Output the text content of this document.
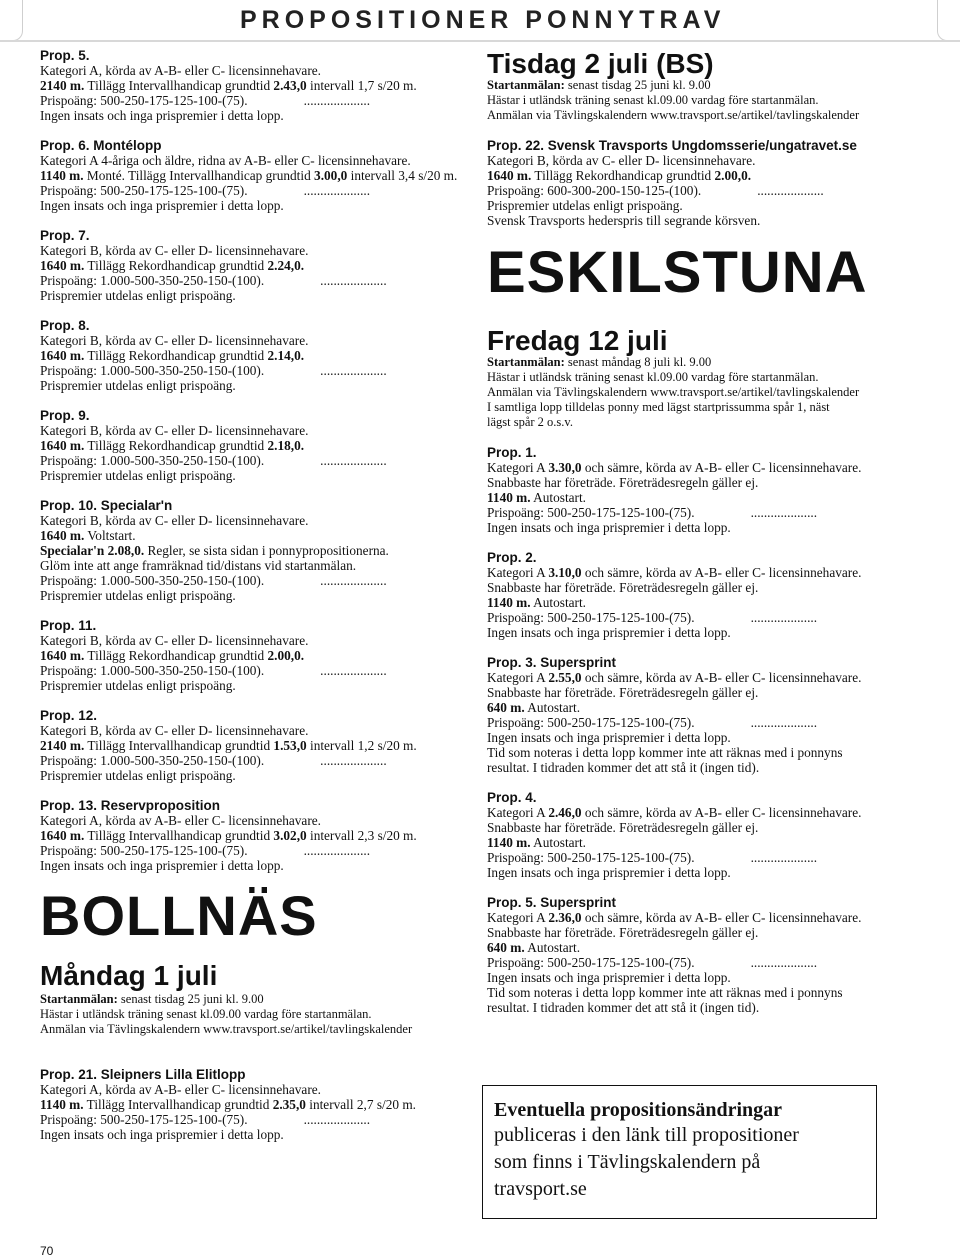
PROPOSITIONER PONNYTRAV
Prop. 5.
Kategori A, körda av A-B- eller C- licensinnehavare.
2140 m. Tillägg Intervallhandicap grundtid 2.43,0 intervall 1,7 s/20 m.
Prispoäng: 500-250-175-125-100-(75).	....................
Ingen insats och inga prispremier i detta lopp.
Prop. 6. Montélopp
Kategori A 4-åriga och äldre, ridna av A-B- eller C- licensinnehavare.
1140 m. Monté. Tillägg Intervallhandicap grundtid 3.00,0 intervall 3,4 s/20 m.
Prispoäng: 500-250-175-125-100-(75).	....................
Ingen insats och inga prispremier i detta lopp.
Prop. 7.
Kategori B, körda av C- eller D- licensinnehavare.
1640 m. Tillägg Rekordhandicap grundtid 2.24,0.
Prispoäng: 1.000-500-350-250-150-(100).	....................
Prispremier utdelas enligt prispoäng.
Prop. 8.
Kategori B, körda av C- eller D- licensinnehavare.
1640 m. Tillägg Rekordhandicap grundtid 2.14,0.
Prispoäng: 1.000-500-350-250-150-(100).	....................
Prispremier utdelas enligt prispoäng.
Prop. 9.
Kategori B, körda av C- eller D- licensinnehavare.
1640 m. Tillägg Rekordhandicap grundtid 2.18,0.
Prispoäng: 1.000-500-350-250-150-(100).	....................
Prispremier utdelas enligt prispoäng.
Prop. 10. Specialar'n
Kategori B, körda av C- eller D- licensinnehavare.
1640 m. Voltstart.
Specialar'n 2.08,0. Regler, se sista sidan i ponnypropositionerna.
Glöm inte att ange framräknad tid/distans vid startanmälan.
Prispoäng: 1.000-500-350-250-150-(100).	....................
Prispremier utdelas enligt prispoäng.
Prop. 11.
Kategori B, körda av C- eller D- licensinnehavare.
1640 m. Tillägg Rekordhandicap grundtid 2.00,0.
Prispoäng: 1.000-500-350-250-150-(100).	....................
Prispremier utdelas enligt prispoäng.
Prop. 12.
Kategori B, körda av C- eller D- licensinnehavare.
2140 m. Tillägg Intervallhandicap grundtid 1.53,0 intervall 1,2 s/20 m.
Prispoäng: 1.000-500-350-250-150-(100).	....................
Prispremier utdelas enligt prispoäng.
Prop. 13. Reservproposition
Kategori A, körda av A-B- eller C- licensinnehavare.
1640 m. Tillägg Intervallhandicap grundtid 3.02,0 intervall 2,3 s/20 m.
Prispoäng: 500-250-175-125-100-(75).	....................
Ingen insats och inga prispremier i detta lopp.
BOLLNÄS
Måndag 1 juli
Startanmälan: senast tisdag 25 juni kl. 9.00
Hästar i utländsk träning senast kl.09.00 vardag före startanmälan.
Anmälan via Tävlingskalendern www.travsport.se/artikel/tavlingskalender
Prop. 21. Sleipners Lilla Elitlopp
Kategori A, körda av A-B- eller C- licensinnehavare.
1140 m. Tillägg Intervallhandicap grundtid 2.35,0 intervall 2,7 s/20 m.
Prispoäng: 500-250-175-125-100-(75).	....................
Ingen insats och inga prispremier i detta lopp.
Tisdag 2 juli (BS)
Startanmälan: senast tisdag 25 juni kl. 9.00
Hästar i utländsk träning senast kl.09.00 vardag före startanmälan.
Anmälan via Tävlingskalendern www.travsport.se/artikel/tavlingskalender
Prop. 22. Svensk Travsports Ungdomsserie/ungatravet.se
Kategori B, körda av C- eller D- licensinnehavare.
1640 m. Tillägg Rekordhandicap grundtid 2.00,0.
Prispoäng: 600-300-200-150-125-(100).	....................
Prispremier utdelas enligt prispoäng.
Svensk Travsports hederspris till segrande körsven.
ESKILSTUNA
Fredag 12 juli
Startanmälan: senast måndag 8 juli kl. 9.00
Hästar i utländsk träning senast kl.09.00 vardag före startanmälan.
Anmälan via Tävlingskalendern www.travsport.se/artikel/tavlingskalender
I samtliga lopp tilldelas ponny med lägst startprissumma spår 1, näst
lägst spår 2 o.s.v.
Prop. 1.
Kategori A 3.30,0 och sämre, körda av A-B- eller C- licensinnehavare.
Snabbaste har företräde. Företrädesregeln gäller ej.
1140 m. Autostart.
Prispoäng: 500-250-175-125-100-(75).	....................
Ingen insats och inga prispremier i detta lopp.
Prop. 2.
Kategori A 3.10,0 och sämre, körda av A-B- eller C- licensinnehavare.
Snabbaste har företräde. Företrädesregeln gäller ej.
1140 m. Autostart.
Prispoäng: 500-250-175-125-100-(75).	....................
Ingen insats och inga prispremier i detta lopp.
Prop. 3. Supersprint
Kategori A 2.55,0 och sämre, körda av A-B- eller C- licensinnehavare.
Snabbaste har företräde. Företrädesregeln gäller ej.
640 m. Autostart.
Prispoäng: 500-250-175-125-100-(75).	....................
Ingen insats och inga prispremier i detta lopp.
Tid som noteras i detta lopp kommer inte att räknas med i ponnyns
resultat. I tidraden kommer det att stå it (ingen tid).
Prop. 4.
Kategori A 2.46,0 och sämre, körda av A-B- eller C- licensinnehavare.
Snabbaste har företräde. Företrädesregeln gäller ej.
1140 m. Autostart.
Prispoäng: 500-250-175-125-100-(75).	....................
Ingen insats och inga prispremier i detta lopp.
Prop. 5. Supersprint
Kategori A 2.36,0 och sämre, körda av A-B- eller C- licensinnehavare.
Snabbaste har företräde. Företrädesregeln gäller ej.
640 m. Autostart.
Prispoäng: 500-250-175-125-100-(75).	....................
Ingen insats och inga prispremier i detta lopp.
Tid som noteras i detta lopp kommer inte att räknas med i ponnyns
resultat. I tidraden kommer det att stå it (ingen tid).
Eventuella propositionsändringar
publiceras i den länk till propositioner
som finns i Tävlingskalendern på
travsport.se
70
